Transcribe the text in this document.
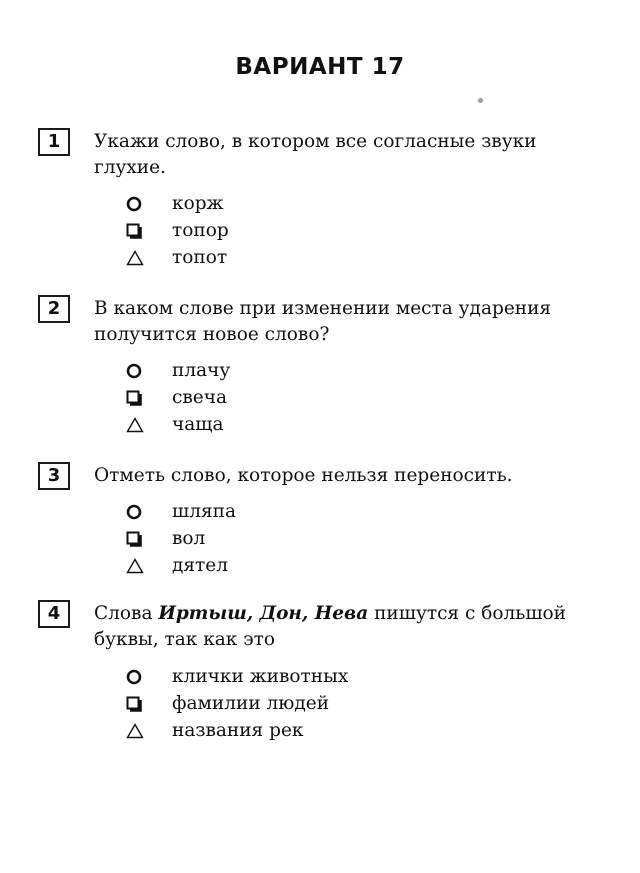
ВАРИАНТ 17
1	Укажи слово, в котором все согласные звуки глухие.
корж
топор
топот
2	В каком слове при изменении места ударения получится новое слово?
плачу
свеча
чаща
3	Отметь слово, которое нельзя переносить.
шляпа
вол
дятел
4	Слова Иртыш, Дон, Нева пишутся с большой буквы, так как это
клички животных
фамилии людей
названия рек
